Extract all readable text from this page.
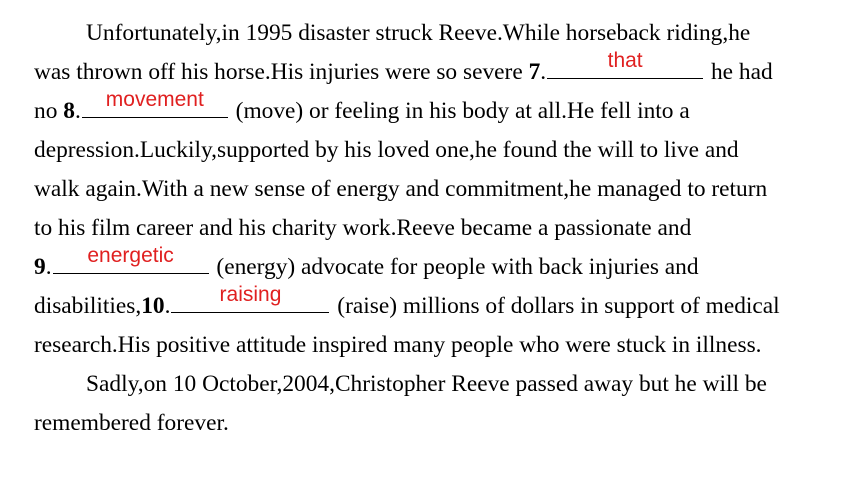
Unfortunately,in 1995 disaster struck Reeve.While horseback riding,he
was thrown off his horse.His injuries were so severe 7.	that	he had
no 8.	movement	(move) or feeling in his body at all.He fell into a
depression.Luckily,supported by his loved one,he found the will to live and
walk again.With a new sense of energy and commitment,he managed to return
to his film career and his charity work.Reeve became a passionate and
9.	energetic	(energy) advocate for people with back injuries and
disabilities,10.	raising	(raise) millions of dollars in support of medical
research.His positive attitude inspired many people who were stuck in illness.
Sadly,on 10 October,2004,Christopher Reeve passed away but he will be
remembered forever.
